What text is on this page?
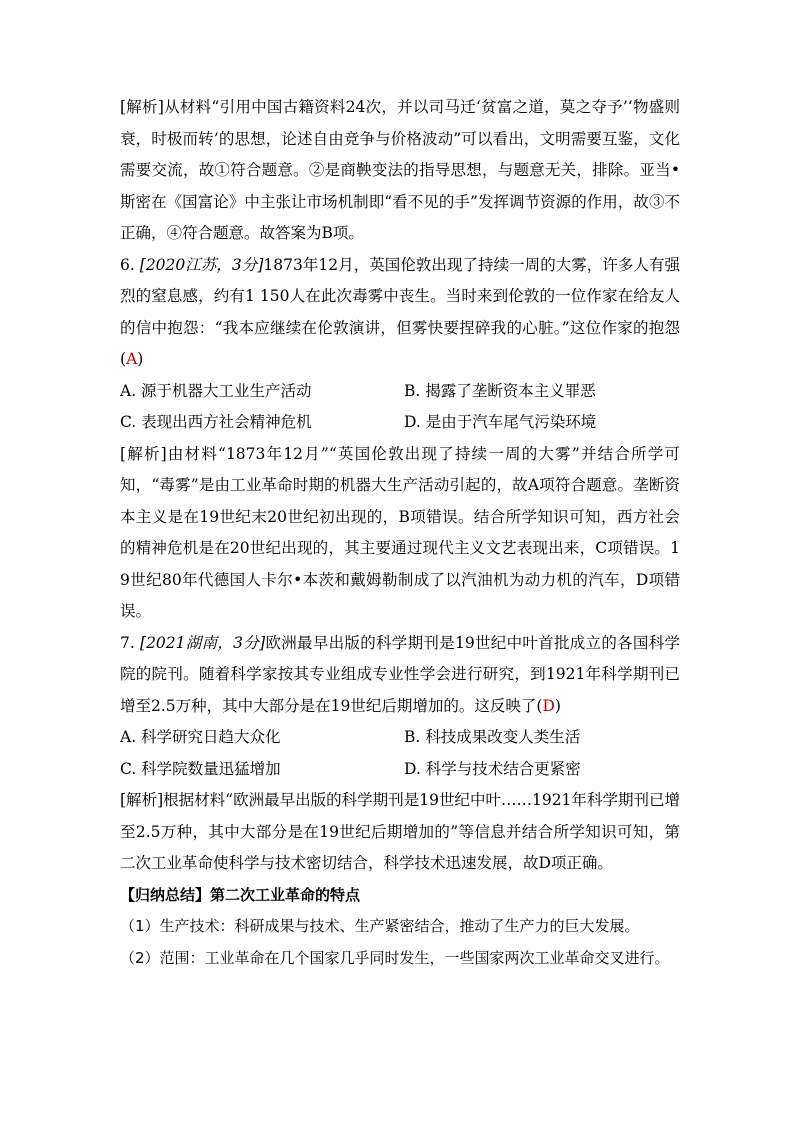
[解析]从材料“引用中国古籍资料24次，并以司马迁‘贫富之道，莫之夺予’‘物盛则衰，时极而转’的思想，论述自由竞争与价格波动”可以看出，文明需要互鉴，文化需要交流，故①符合题意。②是商鞅变法的指导思想，与题意无关，排除。亚当•斯密在《国富论》中主张让市场机制即“看不见的手”发挥调节资源的作用，故③不正确，④符合题意。故答案为B项。

6. [2020江苏，3分]1873年12月，英国伦敦出现了持续一周的大雾，许多人有强烈的窒息感，约有1 150人在此次毒雾中丧生。当时来到伦敦的一位作家在给友人的信中抱怨：“我本应继续在伦敦演讲，但雾快要捏碎我的心脏。”这位作家的抱怨(A)

A. 源于机器大工业生产活动	B. 揭露了垄断资本主义罪恶
C. 表现出西方社会精神危机	D. 是由于汽车尾气污染环境

[解析]由材料“1873年12月”“英国伦敦出现了持续一周的大雾”并结合所学可知，“毒雾”是由工业革命时期的机器大生产活动引起的，故A项符合题意。垄断资本主义是在19世纪末20世纪初出现的，B项错误。结合所学知识可知，西方社会的精神危机是在20世纪出现的，其主要通过现代主义文艺表现出来，C项错误。19世纪80年代德国人卡尔•本茨和戴姆勒制成了以汽油机为动力机的汽车，D项错误。

7. [2021湖南，3分]欧洲最早出版的科学期刊是19世纪中叶首批成立的各国科学院的院刊。随着科学家按其专业组成专业性学会进行研究，到1921年科学期刊已增至2.5万种，其中大部分是在19世纪后期增加的。这反映了(D)

A. 科学研究日趋大众化	B. 科技成果改变人类生活
C. 科学院数量迅猛增加	D. 科学与技术结合更紧密

[解析]根据材料“欧洲最早出版的科学期刊是19世纪中叶……1921年科学期刊已增至2.5万种，其中大部分是在19世纪后期增加的”等信息并结合所学知识可知，第二次工业革命使科学与技术密切结合，科学技术迅速发展，故D项正确。

【归纳总结】第二次工业革命的特点

（1）生产技术：科研成果与技术、生产紧密结合，推动了生产力的巨大发展。

（2）范围：工业革命在几个国家几乎同时发生，一些国家两次工业革命交叉进行。
